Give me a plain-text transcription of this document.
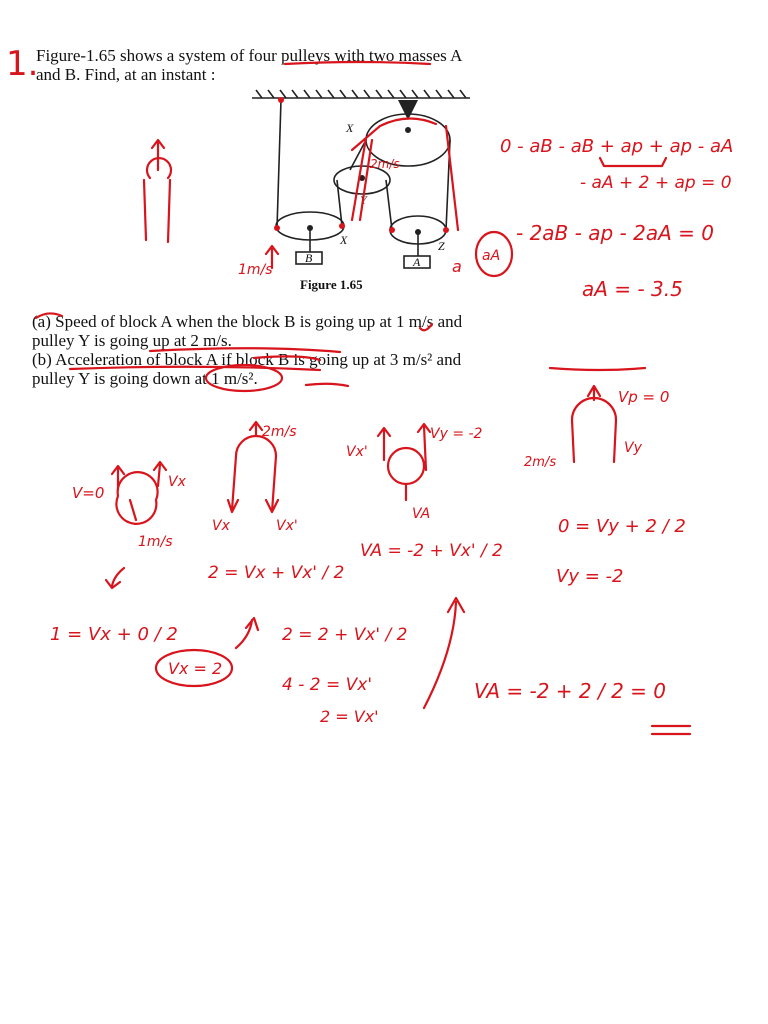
1.
Figure-1.65 shows a system of four pulleys with two masses A
and B. Find, at an instant :
(a) Speed of block A when the block B is going up at 1 m/s and
pulley Y is going up at 2 m/s.
(b) Acceleration of block A if block B is going up at 3 m/s² and
pulley Y is going down at 1 m/s².
Figure 1.65
X
Y
X	Z
B	A
0 - aB - aB + ap + ap - aA
- aA + 2 + ap = 0
- 2aB - ap - 2aA = 0
aA = - 3.5
1m/s
2m/s
a
aA
V=0
Vx
1m/s
2m/s
Vx	Vx'
Vx'
Vy = -2
VA
Vp = 0
2m/s
Vy
VA = -2 + Vx' / 2
0 = Vy + 2 / 2
Vy = -2
2 = Vx + Vx' / 2
1 = Vx + 0 / 2
Vx = 2
2 = 2 + Vx' / 2
4 - 2 = Vx'
2 = Vx'
VA = -2 + 2 / 2 = 0
